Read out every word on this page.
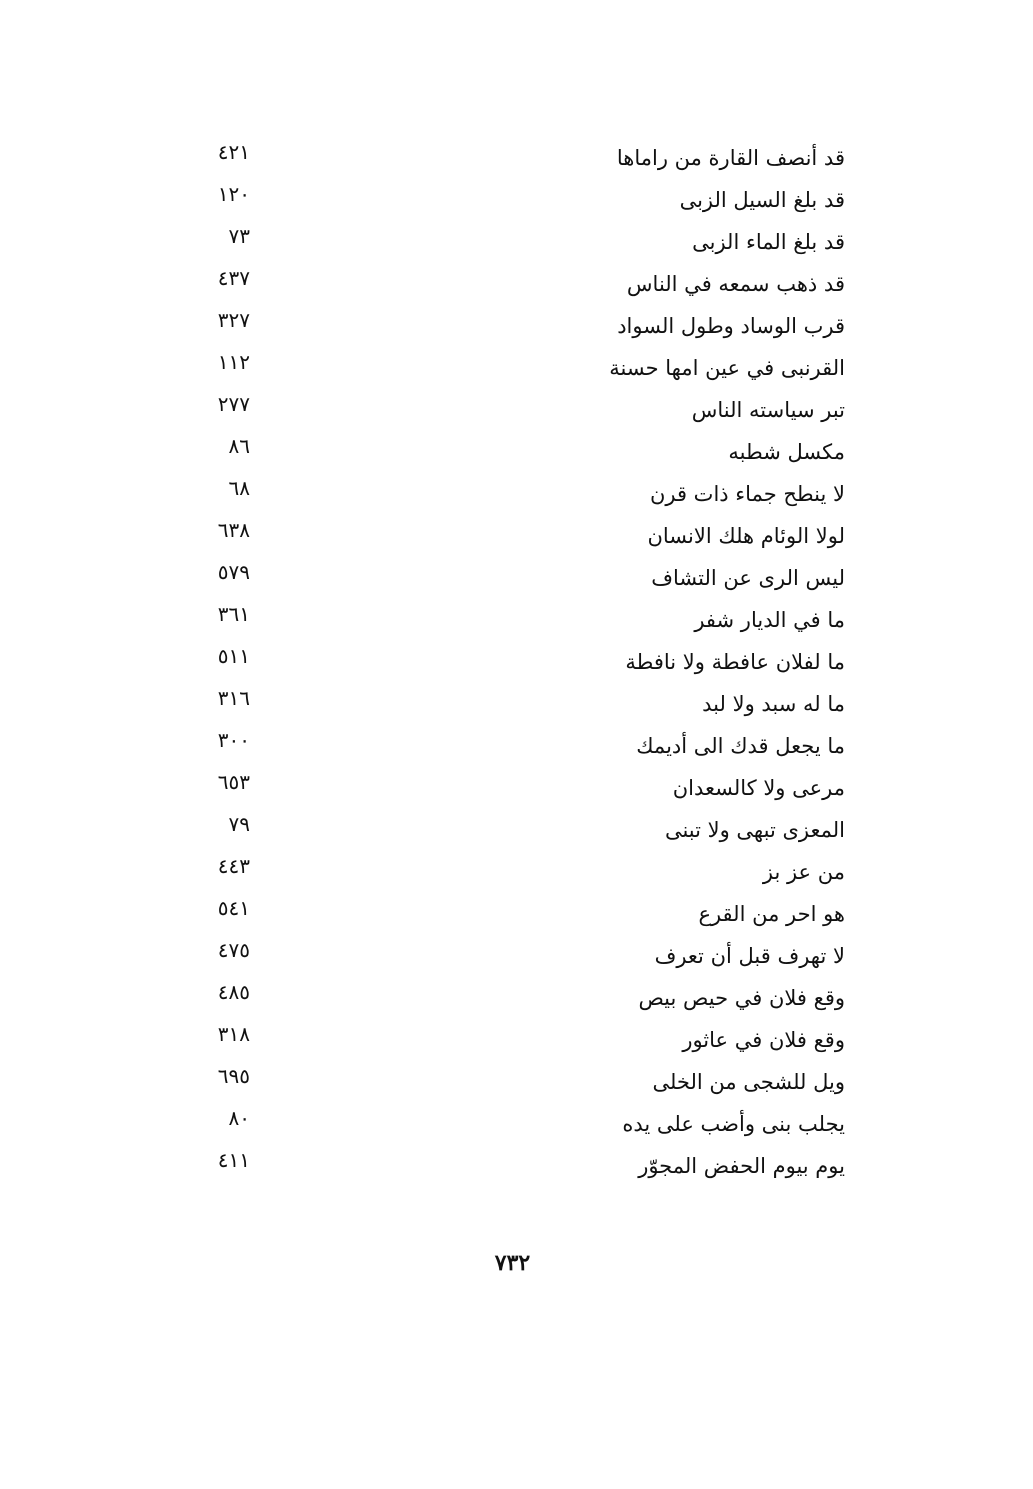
قد أنصف القارة من راماها
٤٢١
قد بلغ السيل الزبى
١٢٠
قد بلغ الماء الزبى
٧٣
قد ذهب سمعه في الناس
٤٣٧
قرب الوساد وطول السواد
٣٢٧
القرنبى في عين امها حسنة
١١٢
تبر سياسته الناس
٢٧٧
مكسل شطبه
٨٦
لا ينطح جماء ذات قرن
٦٨
لولا الوئام هلك الانسان
٦٣٨
ليس الرى عن التشاف
٥٧٩
ما في الديار شفر
٣٦١
ما لفلان عافطة ولا نافطة
٥١١
ما له سبد ولا لبد
٣١٦
ما يجعل قدك الى أديمك
٣٠٠
مرعى ولا كالسعدان
٦٥٣
المعزى تبهى ولا تبنى
٧٩
من عز بز
٤٤٣
هو احر من القرع
٥٤١
لا تهرف قبل أن تعرف
٤٧٥
وقع فلان في حيص بيص
٤٨٥
وقع فلان في عاثور
٣١٨
ويل للشجى من الخلى
٦٩٥
يجلب بنى وأضب على يده
٨٠
يوم بيوم الحفض المجوّر
٤١١
٧٣٢
